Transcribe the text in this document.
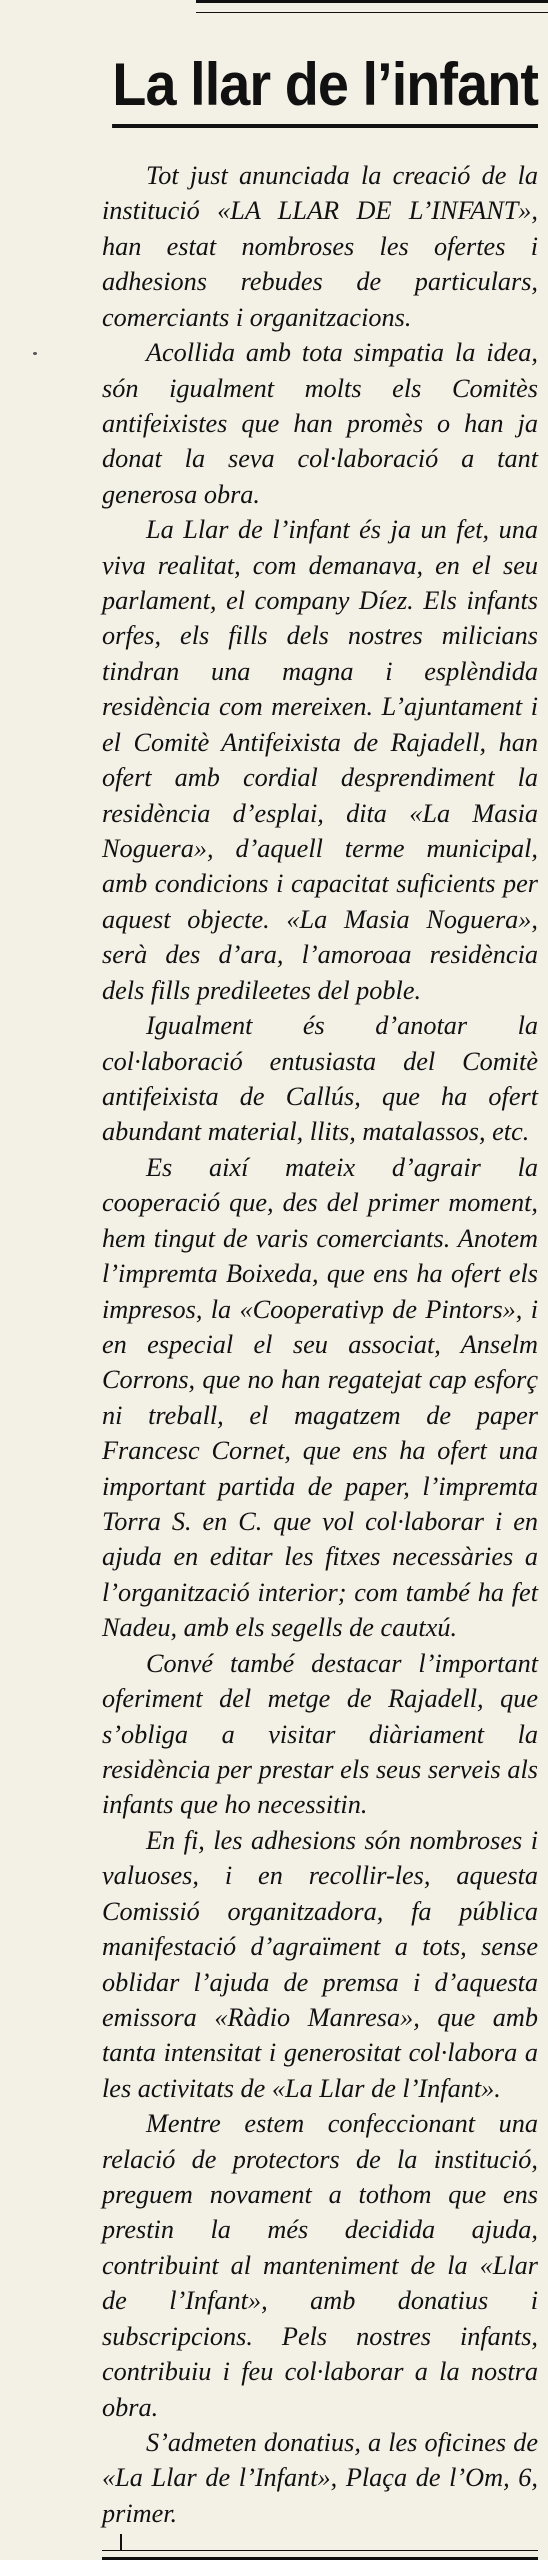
La llar de l’infant

Tot just anunciada la creació de la institució «LA LLAR DE L’INFANT», han estat nombroses les ofertes i adhesions rebudes de particulars, comerciants i organitzacions.

Acollida amb tota simpatia la idea, són igualment molts els Comitès antifeixistes que han promès o han ja donat la seva col·laboració a tant generosa obra.

La Llar de l’infant és ja un fet, una viva realitat, com demanava, en el seu parlament, el company Díez. Els infants orfes, els fills dels nostres milicians tindran una magna i esplèndida residència com mereixen. L’ajuntament i el Comitè Antifeixista de Rajadell, han ofert amb cordial desprendiment la residència d’esplai, dita «La Masia Noguera», d’aquell terme municipal, amb condicions i capacitat suficients per aquest objecte. «La Masia Noguera», serà des d’ara, l’amoroaa residència dels fills predileetes del poble.

Igualment és d’anotar la col·laboració entusiasta del Comitè antifeixista de Callús, que ha ofert abundant material, llits, matalassos, etc.

Es així mateix d’agrair la cooperació que, des del primer moment, hem tingut de varis comerciants. Anotem l’impremta Boixeda, que ens ha ofert els impresos, la «Cooperativp de Pintors», i en especial el seu associat, Anselm Corrons, que no han regatejat cap esforç ni treball, el magatzem de paper Francesc Cornet, que ens ha ofert una important partida de paper, l’impremta Torra S. en C. que vol col·laborar i en ajuda en editar les fitxes necessàries a l’organització interior; com també ha fet Nadeu, amb els segells de cautxú.

Convé també destacar l’important oferiment del metge de Rajadell, que s’obliga a visitar diàriament la residència per prestar els seus serveis als infants que ho necessitin.

En fi, les adhesions són nombroses i valuoses, i en recollir-les, aquesta Comissió organitzadora, fa pública manifestació d’agraïment a tots, sense oblidar l’ajuda de premsa i d’aquesta emissora «Ràdio Manresa», que amb tanta intensitat i generositat col·labora a les activitats de «La Llar de l’Infant».

Mentre estem confeccionant una relació de protectors de la institució, preguem novament a tothom que ens prestin la més decidida ajuda, contribuint al manteniment de la «Llar de l’Infant», amb donatius i subscripcions. Pels nostres infants, contribuiu i feu col·laborar a la nostra obra.

S’admeten donatius, a les oficines de «La Llar de l’Infant», Plaça de l’Om, 6, primer.
